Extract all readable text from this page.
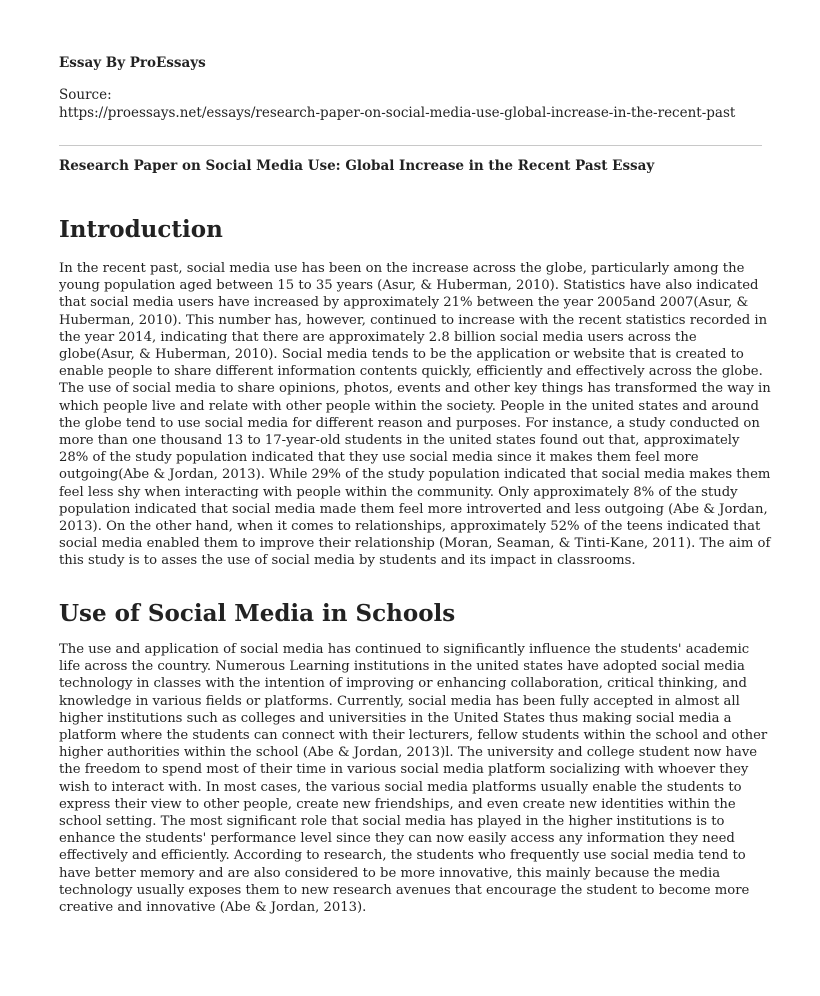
Essay By ProEssays
Source:
https://proessays.net/essays/research-paper-on-social-media-use-global-increase-in-the-recent-past
Research Paper on Social Media Use: Global Increase in the Recent Past Essay
Introduction

In the recent past, social media use has been on the increase across the globe, particularly among the young population aged between 15 to 35 years (Asur, & Huberman, 2010). Statistics have also indicated that social media users have increased by approximately 21% between the year 2005and 2007(Asur, & Huberman, 2010). This number has, however, continued to increase with the recent statistics recorded in the year 2014, indicating that there are approximately 2.8 billion social media users across the globe(Asur, & Huberman, 2010). Social media tends to be the application or website that is created to enable people to share different information contents quickly, efficiently and effectively across the globe. The use of social media to share opinions, photos, events and other key things has transformed the way in which people live and relate with other people within the society. People in the united states and around the globe tend to use social media for different reason and purposes. For instance, a study conducted on more than one thousand 13 to 17-year-old students in the united states found out that, approximately 28% of the study population indicated that they use social media since it makes them feel more outgoing(Abe & Jordan, 2013). While 29% of the study population indicated that social media makes them feel less shy when interacting with people within the community. Only approximately 8% of the study population indicated that social media made them feel more introverted and less outgoing (Abe & Jordan, 2013). On the other hand, when it comes to relationships, approximately 52% of the teens indicated that social media enabled them to improve their relationship (Moran, Seaman, & Tinti-Kane, 2011). The aim of this study is to asses the use of social media by students and its impact in classrooms.

Use of Social Media in Schools

The use and application of social media has continued to significantly influence the students' academic life across the country. Numerous Learning institutions in the united states have adopted social media technology in classes with the intention of improving or enhancing collaboration, critical thinking, and knowledge in various fields or platforms. Currently, social media has been fully accepted in almost all higher institutions such as colleges and universities in the United States thus making social media a platform where the students can connect with their lecturers, fellow students within the school and other higher authorities within the school (Abe & Jordan, 2013)l. The university and college student now have the freedom to spend most of their time in various social media platform socializing with whoever they wish to interact with. In most cases, the various social media platforms usually enable the students to express their view to other people, create new friendships, and even create new identities within the school setting. The most significant role that social media has played in the higher institutions is to enhance the students' performance level since they can now easily access any information they need effectively and efficiently. According to research, the students who frequently use social media tend to have better memory and are also considered to be more innovative, this mainly because the media technology usually exposes them to new research avenues that encourage the student to become more creative and innovative (Abe & Jordan, 2013).
